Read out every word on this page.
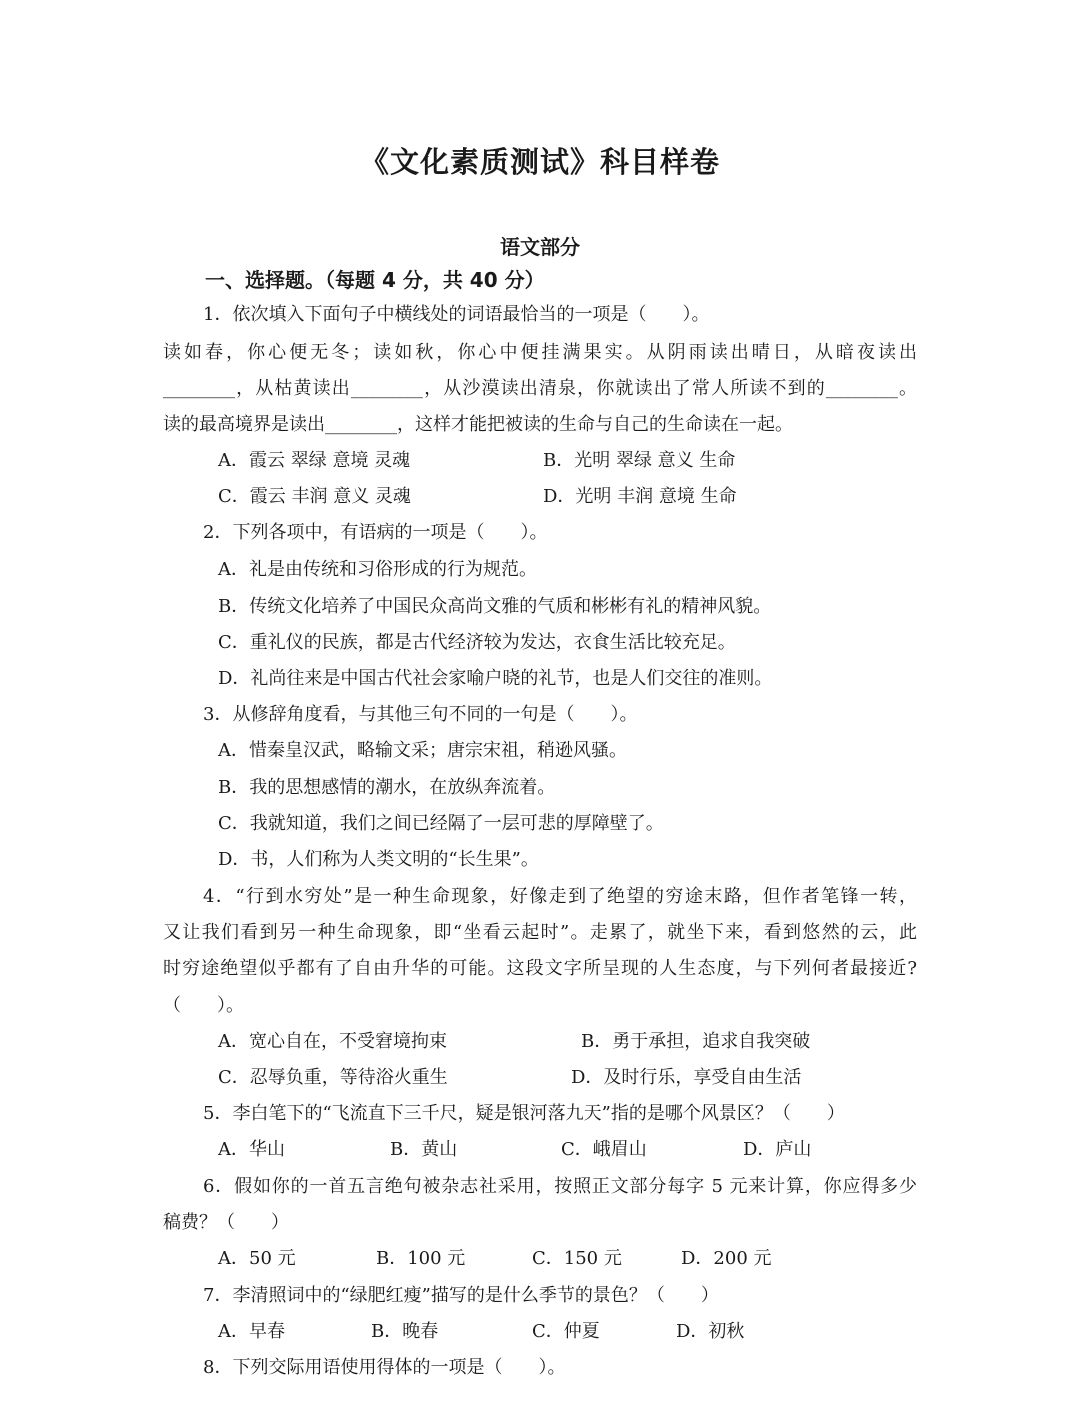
《文化素质测试》科目样卷
语文部分
一、选择题。（每题 4 分，共 40 分）
1．依次填入下面句子中横线处的词语最恰当的一项是（　　）。
读如春，你心便无冬；读如秋，你心中便挂满果实。从阴雨读出晴日，从暗夜读出
________，从枯黄读出________，从沙漠读出清泉，你就读出了常人所读不到的________。
读的最高境界是读出________，这样才能把被读的生命与自己的生命读在一起。
A．霞云 翠绿 意境 灵魂	B．光明 翠绿 意义 生命
C．霞云 丰润 意义 灵魂	D．光明 丰润 意境 生命
2．下列各项中，有语病的一项是（　　）。
A．礼是由传统和习俗形成的行为规范。
B．传统文化培养了中国民众高尚文雅的气质和彬彬有礼的精神风貌。
C．重礼仪的民族，都是古代经济较为发达，衣食生活比较充足。
D．礼尚往来是中国古代社会家喻户晓的礼节，也是人们交往的准则。
3．从修辞角度看，与其他三句不同的一句是（　　）。
A．惜秦皇汉武，略输文采；唐宗宋祖，稍逊风骚。
B．我的思想感情的潮水，在放纵奔流着。
C．我就知道，我们之间已经隔了一层可悲的厚障壁了。
D．书，人们称为人类文明的“长生果”。
4．“行到水穷处”是一种生命现象，好像走到了绝望的穷途末路，但作者笔锋一转，
又让我们看到另一种生命现象，即“坐看云起时”。走累了，就坐下来，看到悠然的云，此
时穷途绝望似乎都有了自由升华的可能。这段文字所呈现的人生态度，与下列何者最接近?
（　　）。
A．宽心自在，不受窘境拘束	B．勇于承担，追求自我突破
C．忍辱负重，等待浴火重生	D．及时行乐，享受自由生活
5．李白笔下的“飞流直下三千尺，疑是银河落九天”指的是哪个风景区？（　　）
A．华山	B．黄山	C．峨眉山	D．庐山
6．假如你的一首五言绝句被杂志社采用，按照正文部分每字 5 元来计算，你应得多少
稿费？（　　）
A．50 元	B．100 元	C．150 元	D．200 元
7．李清照词中的“绿肥红瘦”描写的是什么季节的景色？（　　）
A．早春	B．晚春	C．仲夏	D．初秋
8．下列交际用语使用得体的一项是（　　）。
